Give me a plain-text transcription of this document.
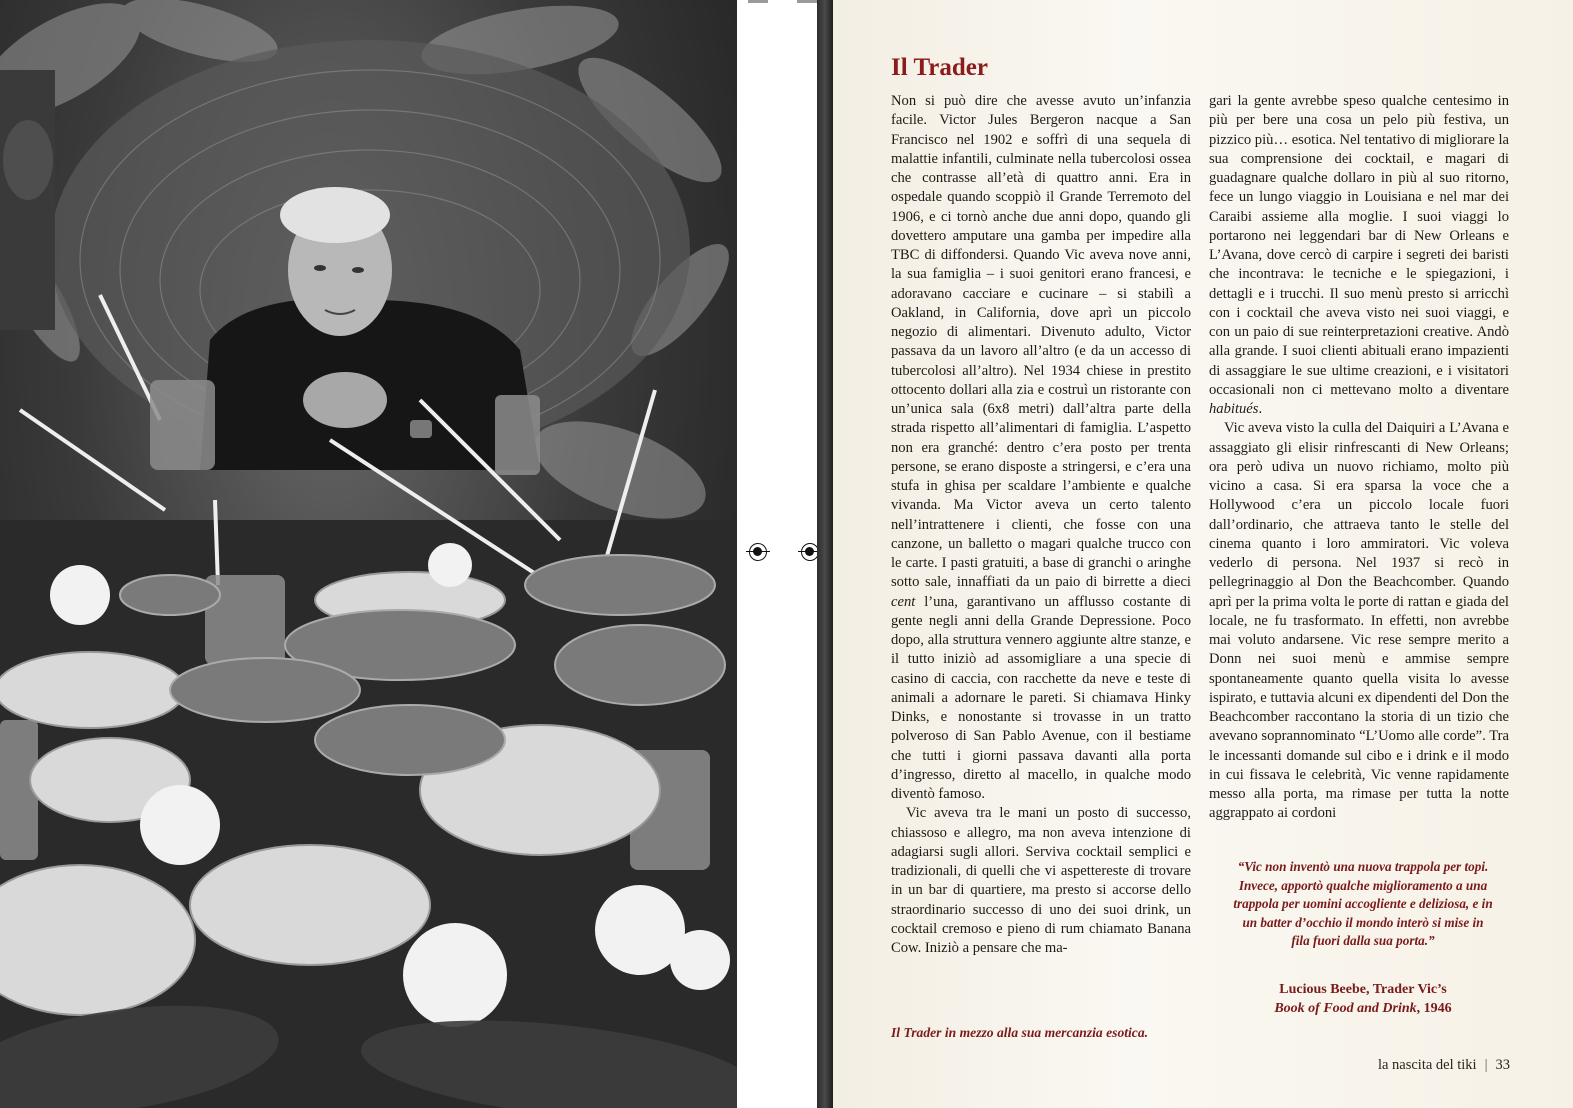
Il Trader

Non si può dire che avesse avuto un’infanzia facile. Victor Jules Bergeron nacque a San Francisco nel 1902 e soffrì di una sequela di malattie infantili, culminate nella tubercolosi ossea che contrasse all’età di quattro anni. Era in ospedale quando scoppiò il Grande Terremoto del 1906, e ci tornò anche due anni dopo, quando gli dovettero amputare una gamba per impedire alla TBC di diffondersi. Quando Vic aveva nove anni, la sua famiglia – i suoi genitori erano francesi, e adoravano cacciare e cucinare – si stabilì a Oakland, in California, dove aprì un piccolo negozio di alimentari. Divenuto adulto, Victor passava da un lavoro all’altro (e da un accesso di tubercolosi all’altro). Nel 1934 chiese in prestito ottocento dollari alla zia e costruì un ristorante con un’unica sala (6x8 metri) dall’altra parte della strada rispetto all’alimentari di famiglia. L’aspetto non era granché: dentro c’era posto per trenta persone, se erano disposte a stringersi, e c’era una stufa in ghisa per scaldare l’ambiente e qualche vivanda. Ma Victor aveva un certo talento nell’intrattenere i clienti, che fosse con una canzone, un balletto o magari qualche trucco con le carte. I pasti gratuiti, a base di granchi o aringhe sotto sale, innaffiati da un paio di birrette a dieci cent l’una, garantivano un afflusso costante di gente negli anni della Grande Depressione. Poco dopo, alla struttura vennero aggiunte altre stanze, e il tutto iniziò ad assomigliare a una specie di casino di caccia, con racchette da neve e teste di animali a adornare le pareti. Si chiamava Hinky Dinks, e nonostante si trovasse in un tratto polveroso di San Pablo Avenue, con il bestiame che tutti i giorni passava davanti alla porta d’ingresso, diretto al macello, in qualche modo diventò famoso.

Vic aveva tra le mani un posto di successo, chiassoso e allegro, ma non aveva intenzione di adagiarsi sugli allori. Serviva cocktail semplici e tradizionali, di quelli che vi aspettereste di trovare in un bar di quartiere, ma presto si accorse dello straordinario successo di uno dei suoi drink, un cocktail cremoso e pieno di rum chiamato Banana Cow. Iniziò a pensare che ma-

gari la gente avrebbe speso qualche centesimo in più per bere una cosa un pelo più festiva, un pizzico più… esotica. Nel tentativo di migliorare la sua comprensione dei cocktail, e magari di guadagnare qualche dollaro in più al suo ritorno, fece un lungo viaggio in Louisiana e nel mar dei Caraibi assieme alla moglie. I suoi viaggi lo portarono nei leggendari bar di New Orleans e L’Avana, dove cercò di carpire i segreti dei baristi che incontrava: le tecniche e le spiegazioni, i dettagli e i trucchi. Il suo menù presto si arricchì con i cocktail che aveva visto nei suoi viaggi, e con un paio di sue reinterpretazioni creative. Andò alla grande. I suoi clienti abituali erano impazienti di assaggiare le sue ultime creazioni, e i visitatori occasionali non ci mettevano molto a diventare habitués.

Vic aveva visto la culla del Daiquiri a L’Avana e assaggiato gli elisir rinfrescanti di New Orleans; ora però udiva un nuovo richiamo, molto più vicino a casa. Si era sparsa la voce che a Hollywood c’era un piccolo locale fuori dall’ordinario, che attraeva tanto le stelle del cinema quanto i loro ammiratori. Vic voleva vederlo di persona. Nel 1937 si recò in pellegrinaggio al Don the Beachcomber. Quando aprì per la prima volta le porte di rattan e giada del locale, ne fu trasformato. In effetti, non avrebbe mai voluto andarsene. Vic rese sempre merito a Donn nei suoi menù e ammise sempre spontaneamente quanto quella visita lo avesse ispirato, e tuttavia alcuni ex dipendenti del Don the Beachcomber raccontano la storia di un tizio che avevano soprannominato “L’Uomo alle corde”. Tra le incessanti domande sul cibo e i drink e il modo in cui fissava le celebrità, Vic venne rapidamente messo alla porta, ma rimase per tutta la notte aggrappato ai cordoni

“Vic non inventò una nuova trappola per topi. Invece, apportò qualche miglioramento a una trappola per uomini accogliente e deliziosa, e in un batter d’occhio il mondo interò si mise in fila fuori dalla sua porta.”
Lucious Beebe, Trader Vic’s
Book of Food and Drink, 1946
Il Trader in mezzo alla sua mercanzia esotica.
la nascita del tiki | 33
